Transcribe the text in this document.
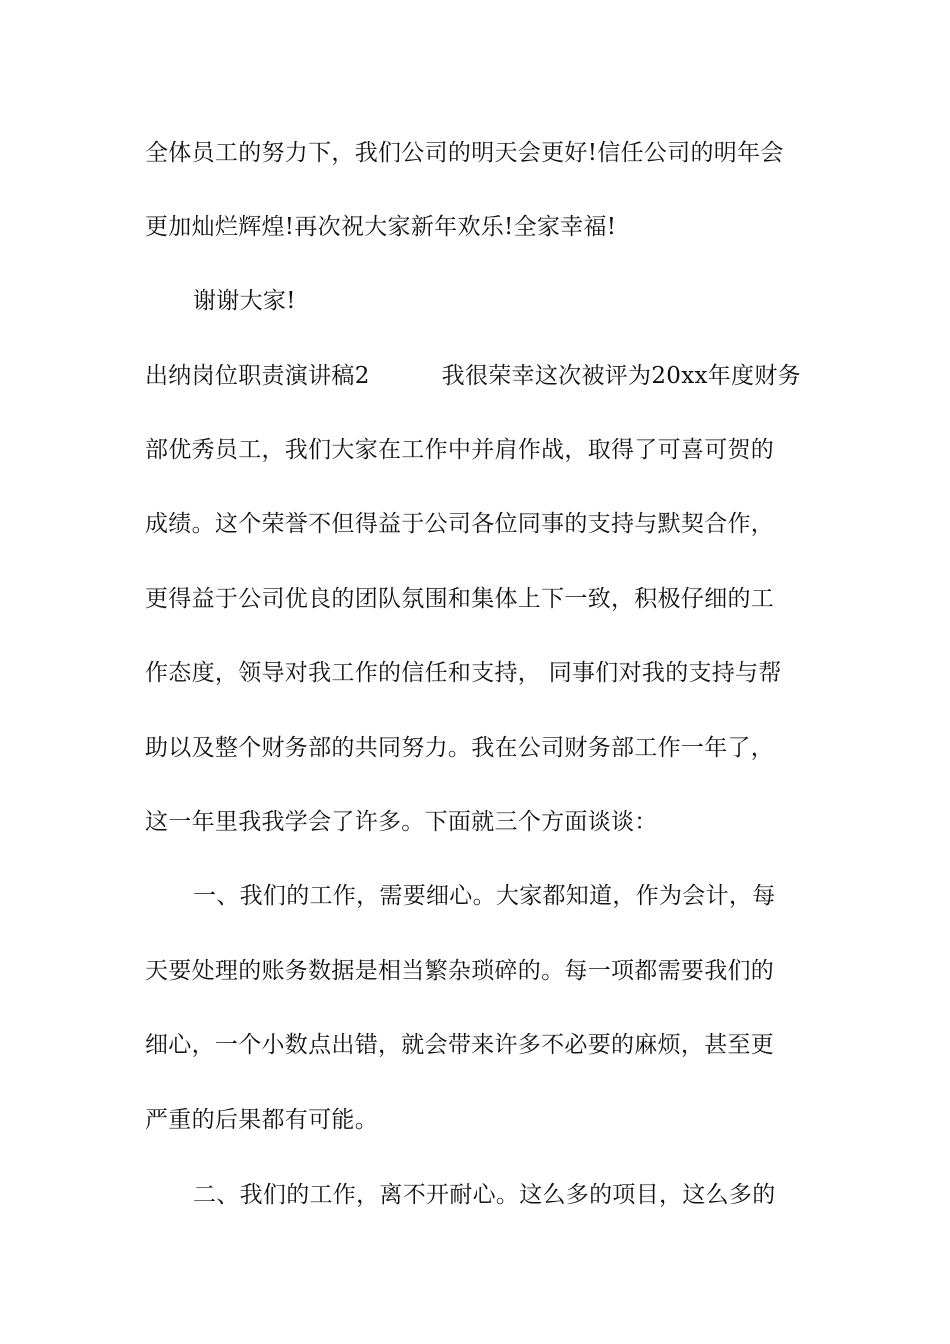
全体员工的努力下，我们公司的明天会更好!信任公司的明年会
更加灿烂辉煌!再次祝大家新年欢乐!全家幸福!
谢谢大家!
出纳岗位职责演讲稿2	我很荣幸这次被评为20xx年度财务
部优秀员工，我们大家在工作中并肩作战，取得了可喜可贺的
成绩。这个荣誉不但得益于公司各位同事的支持与默契合作，
更得益于公司优良的团队氛围和集体上下一致，积极仔细的工
作态度，领导对我工作的信任和支持， 同事们对我的支持与帮
助以及整个财务部的共同努力。我在公司财务部工作一年了，
这一年里我我学会了许多。下面就三个方面谈谈：
一、我们的工作，需要细心。大家都知道，作为会计，每
天要处理的账务数据是相当繁杂琐碎的。每一项都需要我们的
细心，一个小数点出错，就会带来许多不必要的麻烦，甚至更
严重的后果都有可能。
二、我们的工作，离不开耐心。这么多的项目，这么多的
